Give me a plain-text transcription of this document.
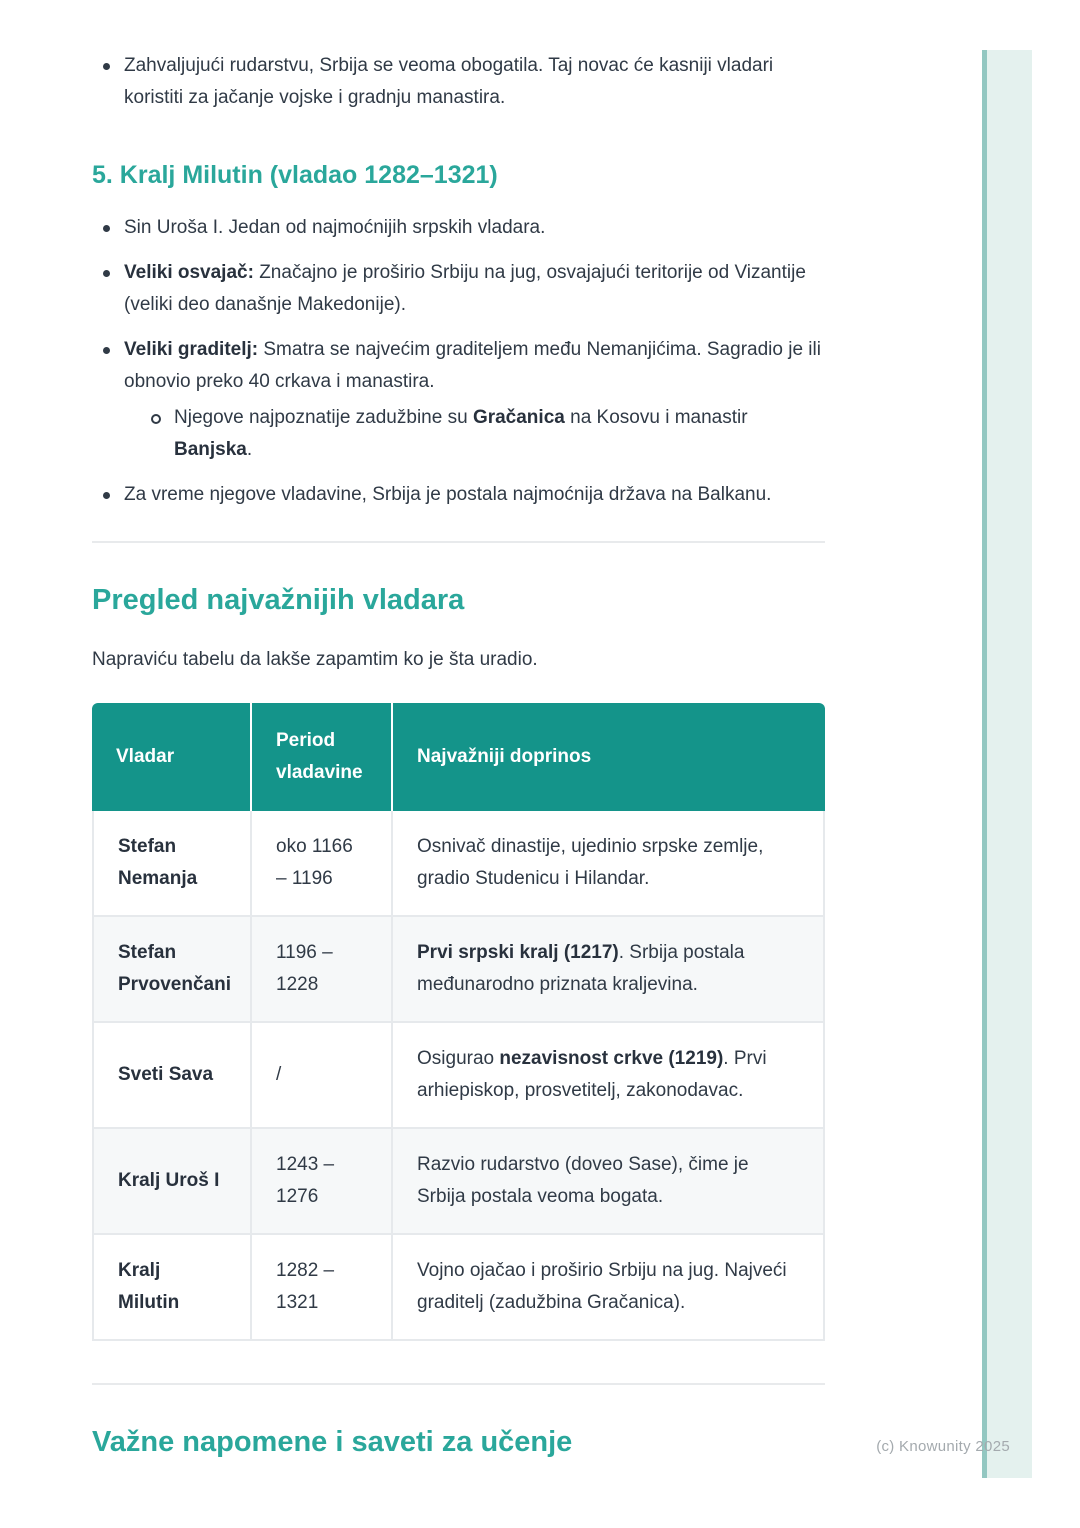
(c) Knowunity 2025
Zahvaljujući rudarstvu, Srbija se veoma obogatila. Taj novac će kasniji vladari koristiti za jačanje vojske i gradnju manastira.
5. Kralj Milutin (vladao 1282–1321)
Sin Uroša I. Jedan od najmoćnijih srpskih vladara.
Veliki osvajač: Značajno je proširio Srbiju na jug, osvajajući teritorije od Vizantije (veliki deo današnje Makedonije).
Veliki graditelj: Smatra se najvećim graditeljem među Nemanjićima. Sagradio je ili obnovio preko 40 crkava i manastira.
Njegove najpoznatije zadužbine su Gračanica na Kosovu i manastir Banjska.
Za vreme njegove vladavine, Srbija je postala najmoćnija država na Balkanu.
Pregled najvažnijih vladara

Napraviću tabelu da lakše zapamtim ko je šta uradio.

Vladar	Period vladavine	Najvažniji doprinos
Stefan Nemanja	oko 1166 – 1196	Osnivač dinastije, ujedinio srpske zemlje, gradio Studenicu i Hilandar.
Stefan Prvovenčani	1196 – 1228	Prvi srpski kralj (1217). Srbija postala međunarodno priznata kraljevina.
Sveti Sava	/	Osigurao nezavisnost crkve (1219). Prvi arhiepiskop, prosvetitelj, zakonodavac.
Kralj Uroš I	1243 – 1276	Razvio rudarstvo (doveo Sase), čime je Srbija postala veoma bogata.
Kralj Milutin	1282 – 1321	Vojno ojačao i proširio Srbiju na jug. Najveći graditelj (zadužbina Gračanica).
Važne napomene i saveti za učenje
